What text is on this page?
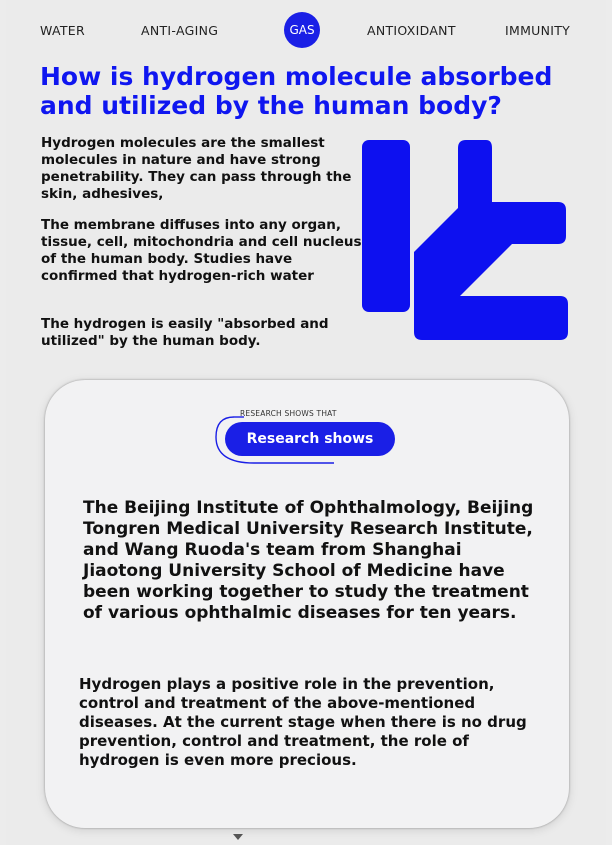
WATER	ANTI-AGING	GAS	ANTIOXIDANT	IMMUNITY
How is hydrogen molecule absorbed and utilized by the human body?
Hydrogen molecules are the smallest molecules in nature and have strong penetrability. They can pass through the skin, adhesives,
The membrane diffuses into any organ, tissue, cell, mitochondria and cell nucleus of the human body. Studies have confirmed that hydrogen-rich water
The hydrogen is easily "absorbed and utilized" by the human body.
RESEARCH SHOWS THAT
Research shows
The Beijing Institute of Ophthalmology, Beijing Tongren Medical University Research Institute, and Wang Ruoda's team from Shanghai Jiaotong University School of Medicine have been working together to study the treatment of various ophthalmic diseases for ten years.
Hydrogen plays a positive role in the prevention, control and treatment of the above-mentioned diseases. At the current stage when there is no drug prevention, control and treatment, the role of hydrogen is even more precious.
